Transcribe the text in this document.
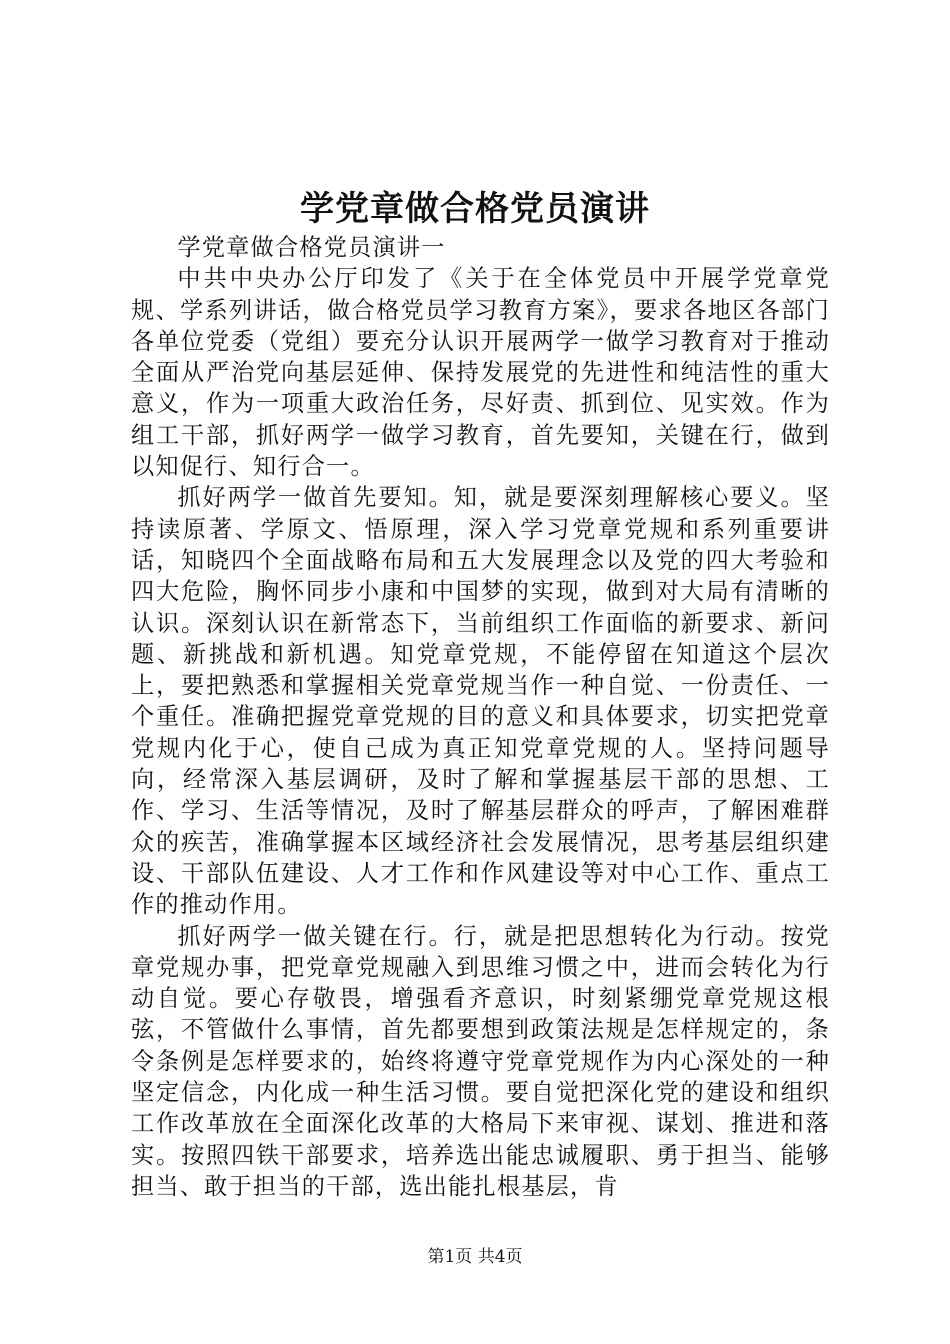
学党章做合格党员演讲

学党章做合格党员演讲一

中共中央办公厅印发了《关于在全体党员中开展学党章党规、学系列讲话，做合格党员学习教育方案》，要求各地区各部门各单位党委（党组）要充分认识开展两学一做学习教育对于推动全面从严治党向基层延伸、保持发展党的先进性和纯洁性的重大意义，作为一项重大政治任务，尽好责、抓到位、见实效。作为组工干部，抓好两学一做学习教育，首先要知，关键在行，做到以知促行、知行合一。

抓好两学一做首先要知。知，就是要深刻理解核心要义。坚持读原著、学原文、悟原理，深入学习党章党规和系列重要讲话，知晓四个全面战略布局和五大发展理念以及党的四大考验和四大危险，胸怀同步小康和中国梦的实现，做到对大局有清晰的认识。深刻认识在新常态下，当前组织工作面临的新要求、新问题、新挑战和新机遇。知党章党规，不能停留在知道这个层次上，要把熟悉和掌握相关党章党规当作一种自觉、一份责任、一个重任。准确把握党章党规的目的意义和具体要求，切实把党章党规内化于心，使自己成为真正知党章党规的人。坚持问题导向，经常深入基层调研，及时了解和掌握基层干部的思想、工作、学习、生活等情况，及时了解基层群众的呼声，了解困难群众的疾苦，准确掌握本区域经济社会发展情况，思考基层组织建设、干部队伍建设、人才工作和作风建设等对中心工作、重点工作的推动作用。

抓好两学一做关键在行。行，就是把思想转化为行动。按党章党规办事，把党章党规融入到思维习惯之中，进而会转化为行动自觉。要心存敬畏，增强看齐意识，时刻紧绷党章党规这根弦，不管做什么事情，首先都要想到政策法规是怎样规定的，条令条例是怎样要求的，始终将遵守党章党规作为内心深处的一种坚定信念，内化成一种生活习惯。要自觉把深化党的建设和组织工作改革放在全面深化改革的大格局下来审视、谋划、推进和落实。按照四铁干部要求，培养选出能忠诚履职、勇于担当、能够担当、敢于担当的干部，选出能扎根基层，肯

第1页 共4页
